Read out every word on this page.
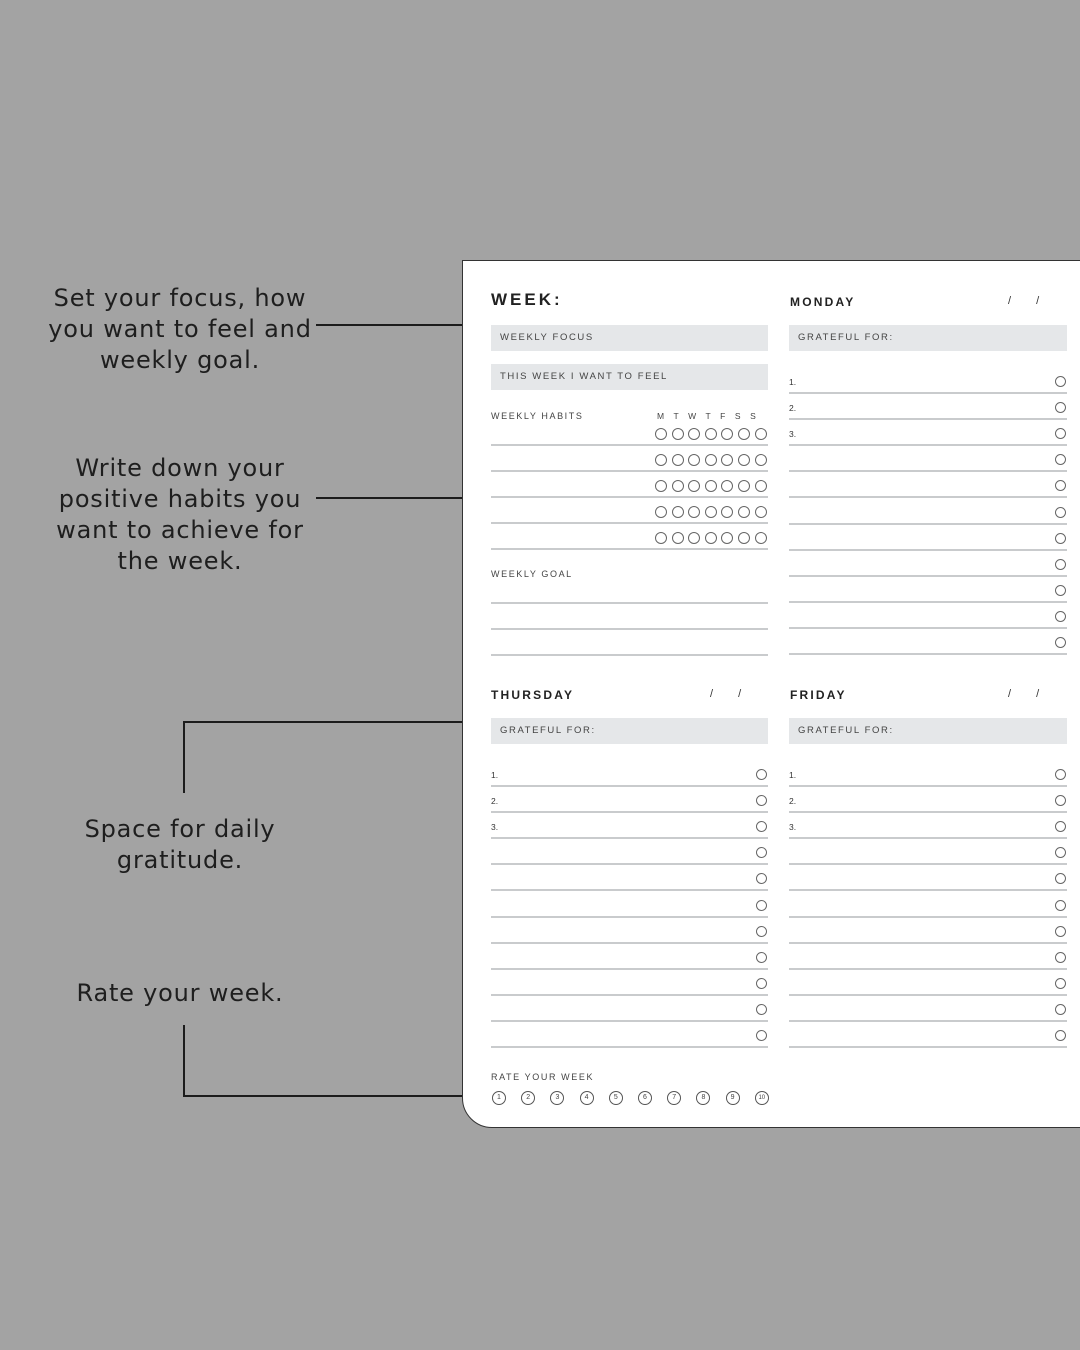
Set your focus, how you want to feel and weekly goal.

Write down your positive habits you want to achieve for the week.

Space for daily gratitude.

Rate your week.

WEEK:
WEEKLY FOCUS
THIS WEEK I WANT TO FEEL
WEEKLY HABITS	M T W T F S S
WEEKLY GOAL
MONDAY	/ /
GRATEFUL FOR:
1.
2.
3.
THURSDAY	/ /
GRATEFUL FOR:
1.
2.
3.
FRIDAY	/ /
GRATEFUL FOR:
1.
2.
3.
RATE YOUR WEEK
1	2	3	4	5	6	7	8	9	10
